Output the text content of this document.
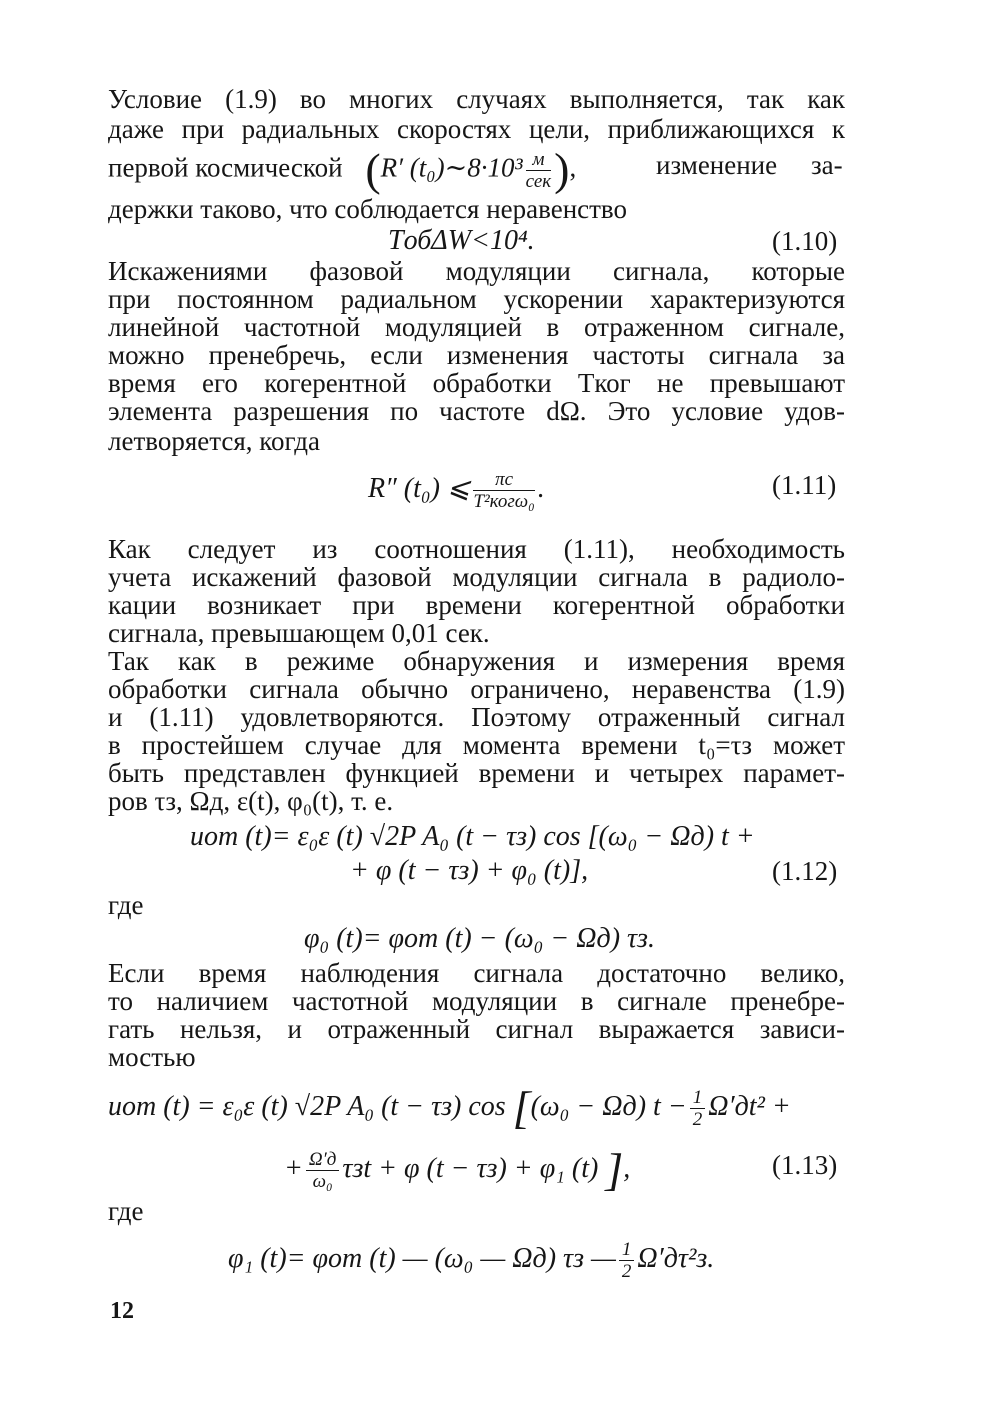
Условие (1.9) во многих случаях выполняется, так как
даже при радиальных скоростях цели, приближающихся к
первой космической (R′ (t₀)∼8·10³ $\frac{м}{\text{сек}}$ ),	изменение за-
держки таково, что соблюдается неравенство
TобΔW<10⁴.	(1.10)
Искажениями фазовой модуляции сигнала, которые
при постоянном радиальном ускорении характеризуются
линейной частотной модуляцией в отраженном сигнале,
можно пренебречь, если изменения частоты сигнала за
время его когерентной обработки Tког не превышают
элемента разрешения по частоте dΩ. Это условие удов-
летворяется, когда
R″ (t₀) ⩽ $\frac{\pi c}{\text{T²когω₀}}$ .	(1.11)
Как следует из соотношения (1.11), необходимость
учета искажений фазовой модуляции сигнала в радиоло-
кации возникает при времени когерентной обработки
сигнала, превышающем 0,01 сек.
Так как в режиме обнаружения и измерения время
обработки сигнала обычно ограничено, неравенства (1.9)
и (1.11) удовлетворяются. Поэтому отраженный сигнал
в простейшем случае для момента времени t₀=τз может
быть представлен функцией времени и четырех парамет-
ров τз, Ωд, ε(t), φ₀(t), т. е.
uот (t)= ε₀ε (t) √2P A₀ (t − τз) cos [(ω₀ − Ωд) t +
+ φ (t − τз) + φ₀ (t)],	(1.12)
где
φ₀ (t)= φот (t) − (ω₀ − Ωд) τз.
Если время наблюдения сигнала достаточно велико,
то наличием частотной модуляции в сигнале пренебре-
гать нельзя, и отраженный сигнал выражается зависи-
мостью
uот (t) = ε₀ε (t) √2P A₀ (t − τз) cos [(ω₀ − Ωд) $t - \frac{1}{2} \Omega'дt^2$ +
+ $\frac{\Omega'д}{\text{ω₀}}$ τзt + φ (t − τз) + φ₁ (t) ],	(1.13)
где
φ₁ (t)= φот (t) — (ω₀ — Ωд) τз — $\frac{1}{2} \Omega'д\tau^2з$.
12
